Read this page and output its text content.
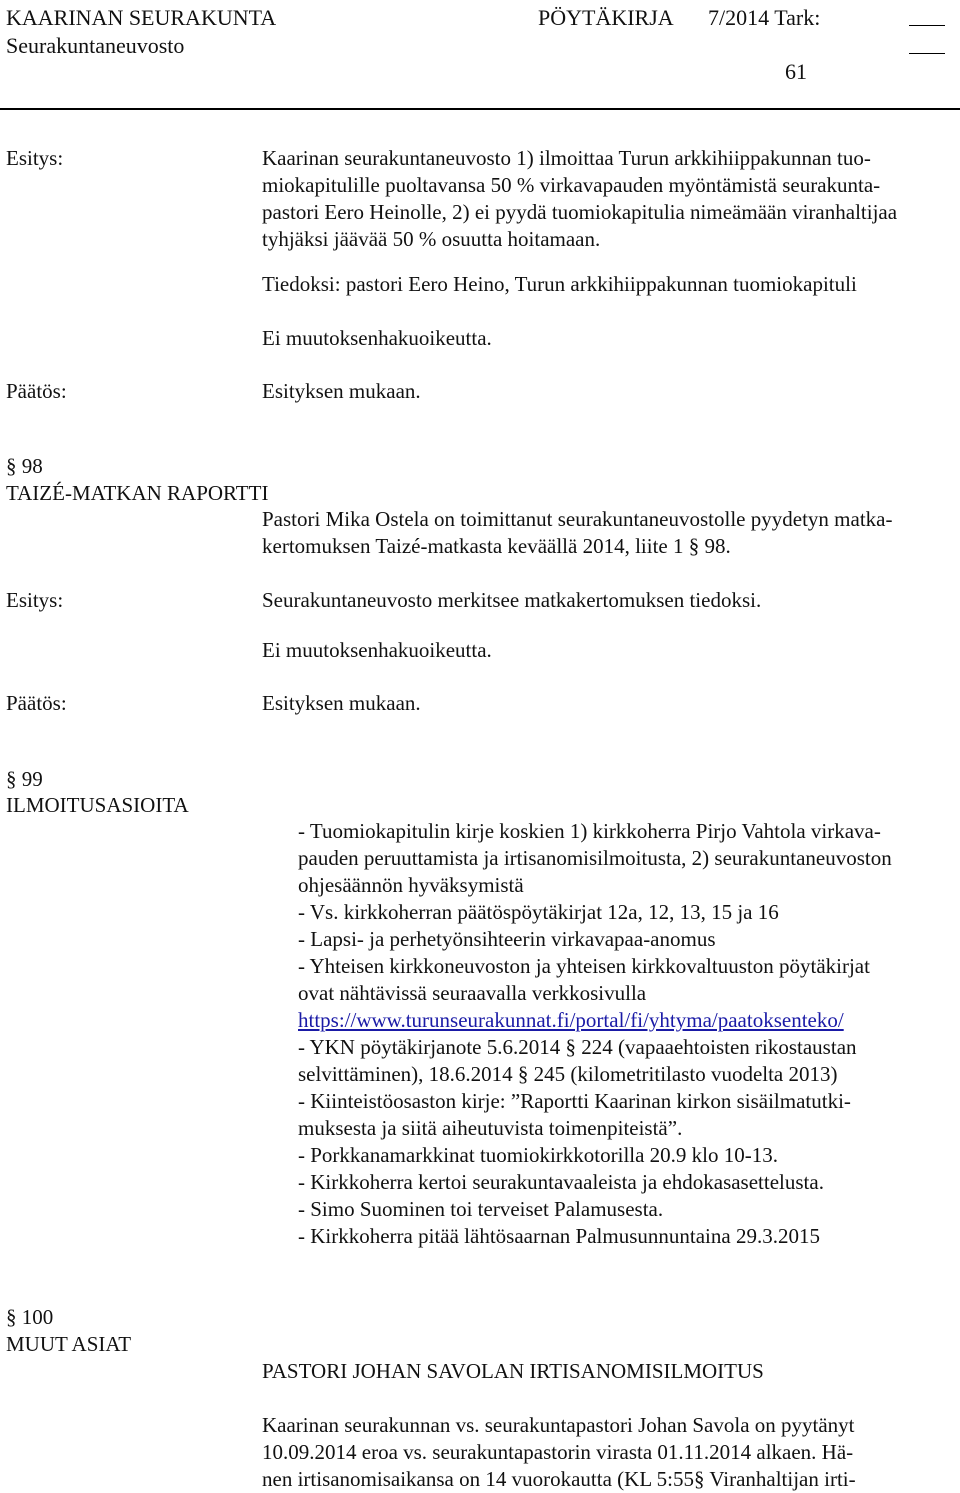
KAARINAN SEURAKUNTA	PÖYTÄKIRJA 7/2014 Tark:
Seurakuntaneuvosto
61
Esitys:	Kaarinan seurakuntaneuvosto 1) ilmoittaa Turun arkkihiippakunnan tuo-
miokapitulille puoltavansa 50 % virkavapauden myöntämistä seurakunta-
pastori Eero Heinolle, 2) ei pyydä tuomiokapitulia nimeämään viranhaltijaa
tyhjäksi jäävää 50 % osuutta hoitamaan.
Tiedoksi: pastori Eero Heino, Turun arkkihiippakunnan tuomiokapituli
Ei muutoksenhakuoikeutta.
Päätös:	Esityksen mukaan.
§ 98
TAIZÉ-MATKAN RAPORTTI
Pastori Mika Ostela on toimittanut seurakuntaneuvostolle pyydetyn matka-
kertomuksen Taizé-matkasta keväällä 2014, liite 1 § 98.
Esitys:	Seurakuntaneuvosto merkitsee matkakertomuksen tiedoksi.
Ei muutoksenhakuoikeutta.
Päätös:	Esityksen mukaan.
§ 99
ILMOITUSASIOITA
- Tuomiokapitulin kirje koskien 1) kirkkoherra Pirjo Vahtola virkava-
pauden peruuttamista ja irtisanomisilmoitusta, 2) seurakuntaneuvoston
ohjesäännön hyväksymistä
- Vs. kirkkoherran päätöspöytäkirjat 12a, 12, 13, 15 ja 16
- Lapsi- ja perhetyönsihteerin virkavapaa-anomus
- Yhteisen kirkkoneuvoston ja yhteisen kirkkovaltuuston pöytäkirjat
ovat nähtävissä seuraavalla verkkosivulla
https://www.turunseurakunnat.fi/portal/fi/yhtyma/paatoksenteko/
- YKN pöytäkirjanote 5.6.2014 § 224 (vapaaehtoisten rikostaustan
selvittäminen), 18.6.2014 § 245 (kilometritilasto vuodelta 2013)
- Kiinteistöosaston kirje: ”Raportti Kaarinan kirkon sisäilmatutki-
muksesta ja siitä aiheutuvista toimenpiteistä”.
- Porkkanamarkkinat tuomiokirkkotorilla 20.9 klo 10-13.
- Kirkkoherra kertoi seurakuntavaaleista ja ehdokasasettelusta.
- Simo Suominen toi terveiset Palamusesta.
- Kirkkoherra pitää lähtösaarnan Palmusunnuntaina 29.3.2015
§ 100
MUUT ASIAT
PASTORI JOHAN SAVOLAN IRTISANOMISILMOITUS
Kaarinan seurakunnan vs. seurakuntapastori Johan Savola on pyytänyt
10.09.2014 eroa vs. seurakuntapastorin virasta 01.11.2014 alkaen. Hä-
nen irtisanomisaikansa on 14 vuorokautta (KL 5:55§ Viranhaltijan irti-
